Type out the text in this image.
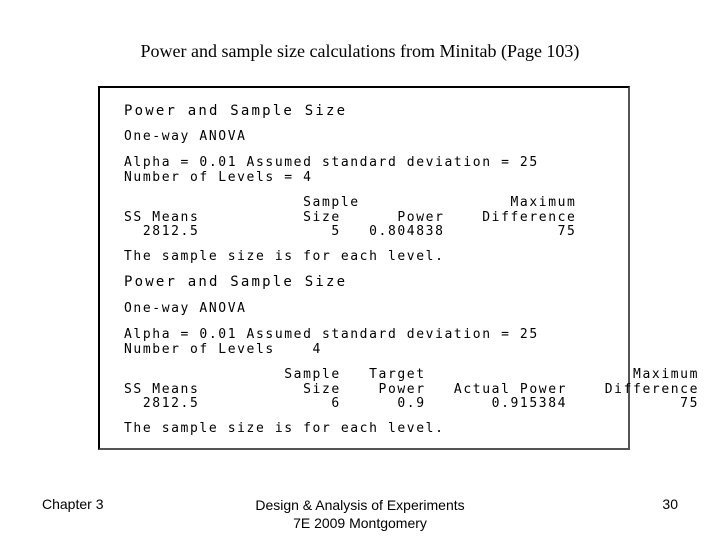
Power and sample size calculations from Minitab (Page 103)
Power and Sample Size
One-way ANOVA
Alpha = 0.01 Assumed standard deviation = 25
Number of Levels = 4
Sample                Maximum
SS Means           Size      Power    Difference
2812.5              5   0.804838            75
The sample size is for each level.
Power and Sample Size
One-way ANOVA
Alpha = 0.01 Assumed standard deviation = 25
Number of Levels    4
Sample   Target                      Maximum
SS Means           Size    Power   Actual Power    Difference
2812.5              6      0.9       0.915384            75
The sample size is for each level.
Chapter 3	Design & Analysis of Experiments
7E 2009 Montgomery
30
